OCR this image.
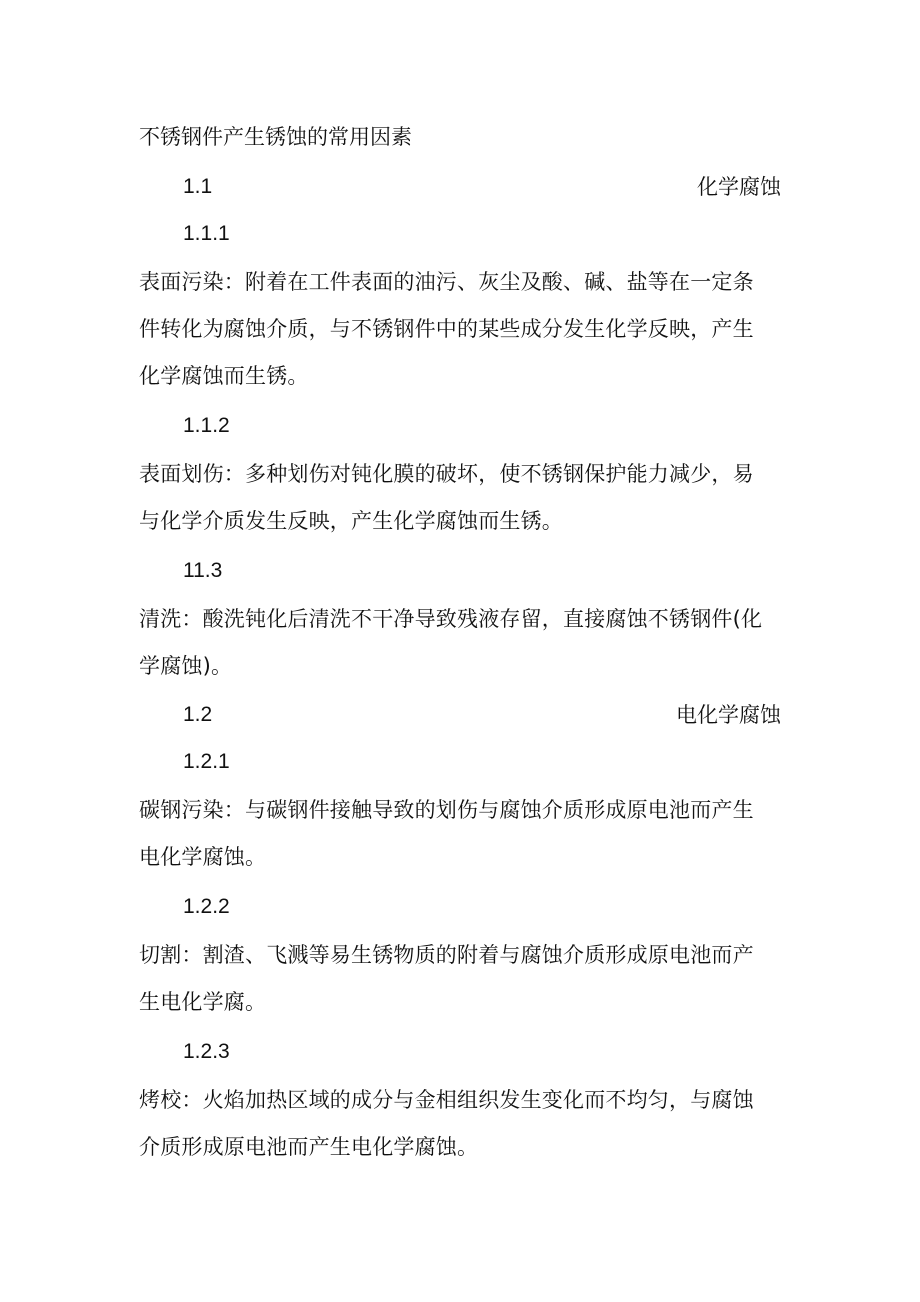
不锈钢件产生锈蚀的常用因素
1.1	化学腐蚀
1.1.1
表面污染：附着在工件表面的油污、灰尘及酸、碱、盐等在一定条件转化为腐蚀介质，与不锈钢件中的某些成分发生化学反映，产生化学腐蚀而生锈。
1.1.2
表面划伤：多种划伤对钝化膜的破坏，使不锈钢保护能力减少，易与化学介质发生反映，产生化学腐蚀而生锈。
11.3
清洗：酸洗钝化后清洗不干净导致残液存留，直接腐蚀不锈钢件(化学腐蚀)。
1.2	电化学腐蚀
1.2.1
碳钢污染：与碳钢件接触导致的划伤与腐蚀介质形成原电池而产生电化学腐蚀。
1.2.2
切割：割渣、飞溅等易生锈物质的附着与腐蚀介质形成原电池而产生电化学腐。
1.2.3
烤校：火焰加热区域的成分与金相组织发生变化而不均匀，与腐蚀介质形成原电池而产生电化学腐蚀。
